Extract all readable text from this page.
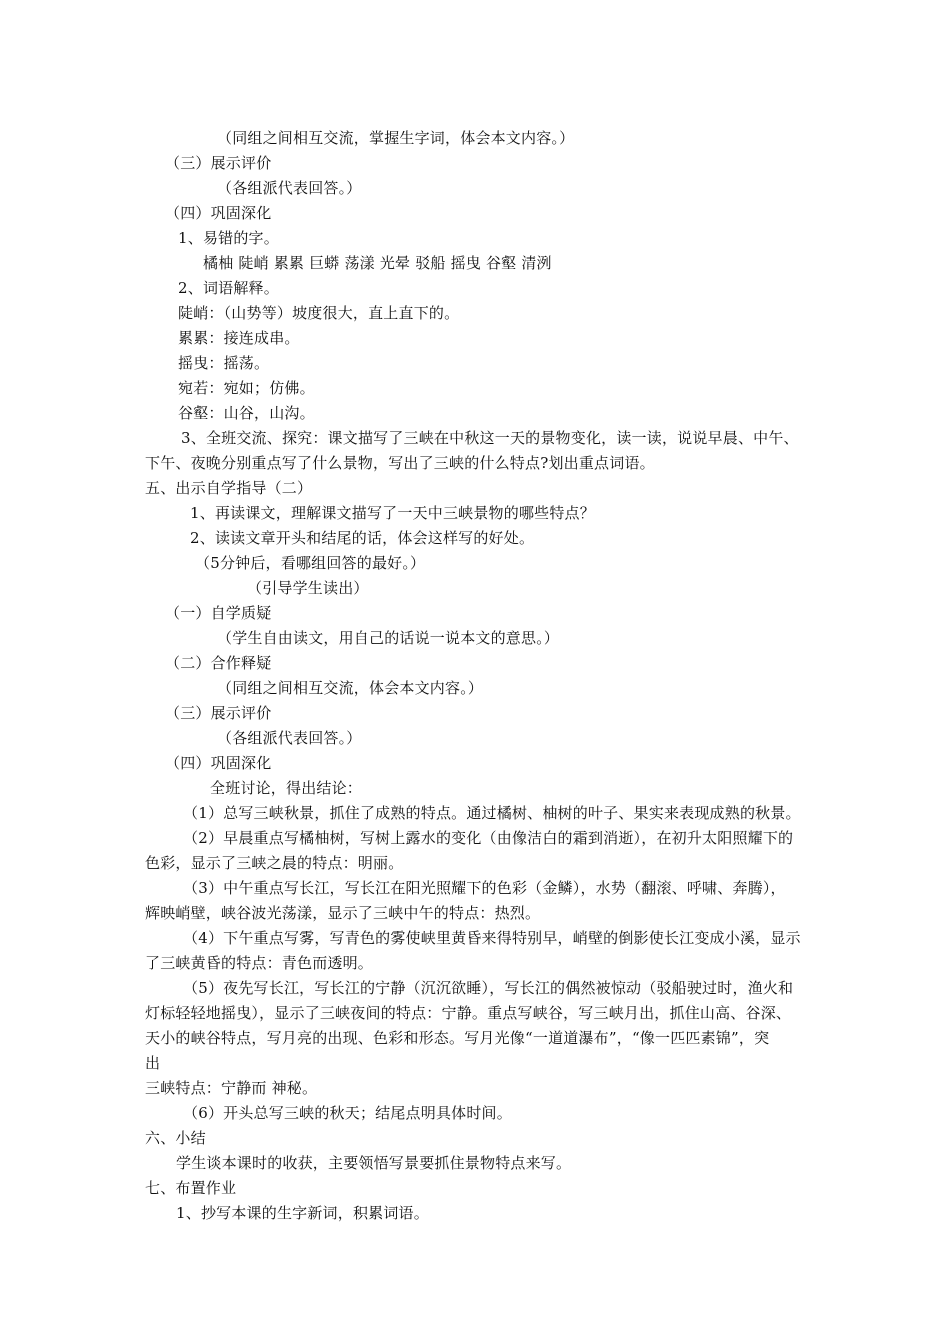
（同组之间相互交流，掌握生字词，体会本文内容。）
（三）展示评价
（各组派代表回答。）
（四）巩固深化
1、易错的字。
橘柚 陡峭 累累 巨蟒 荡漾 光晕 驳船 摇曳 谷壑 清洌
2、词语解释。
陡峭：（山势等）坡度很大，直上直下的。
累累：接连成串。
摇曳：摇荡。
宛若：宛如；仿佛。
谷壑：山谷，山沟。
3、全班交流、探究：课文描写了三峡在中秋这一天的景物变化，读一读，说说早晨、中午、
下午、夜晚分别重点写了什么景物，写出了三峡的什么特点?划出重点词语。
五、出示自学指导（二）
1、再读课文，理解课文描写了一天中三峡景物的哪些特点？
2、读读文章开头和结尾的话，体会这样写的好处。
（5分钟后，看哪组回答的最好。）
（引导学生读出）
（一）自学质疑
（学生自由读文，用自己的话说一说本文的意思。）
（二）合作释疑
（同组之间相互交流，体会本文内容。）
（三）展示评价
（各组派代表回答。）
（四）巩固深化
全班讨论，得出结论：
（1）总写三峡秋景，抓住了成熟的特点。通过橘树、柚树的叶子、果实来表现成熟的秋景。
（2）早晨重点写橘柚树，写树上露水的变化（由像洁白的霜到消逝），在初升太阳照耀下的
色彩，显示了三峡之晨的特点：明丽。
（3）中午重点写长江，写长江在阳光照耀下的色彩（金鳞），水势（翻滚、呼啸、奔腾），
辉映峭壁，峡谷波光荡漾，显示了三峡中午的特点：热烈。
（4）下午重点写雾，写青色的雾使峡里黄昏来得特别早，峭壁的倒影使长江变成小溪，显示
了三峡黄昏的特点：青色而透明。
（5）夜先写长江，写长江的宁静（沉沉欲睡），写长江的偶然被惊动（驳船驶过时，渔火和
灯标轻轻地摇曳），显示了三峡夜间的特点：宁静。重点写峡谷，写三峡月出，抓住山高、谷深、
天小的峡谷特点，写月亮的出现、色彩和形态。写月光像“一道道瀑布”，“像一匹匹素锦”，突
出
三峡特点：宁静而 神秘。
（6）开头总写三峡的秋天；结尾点明具体时间。
六、小结
学生谈本课时的收获，主要领悟写景要抓住景物特点来写。
七、布置作业
1、抄写本课的生字新词，积累词语。
